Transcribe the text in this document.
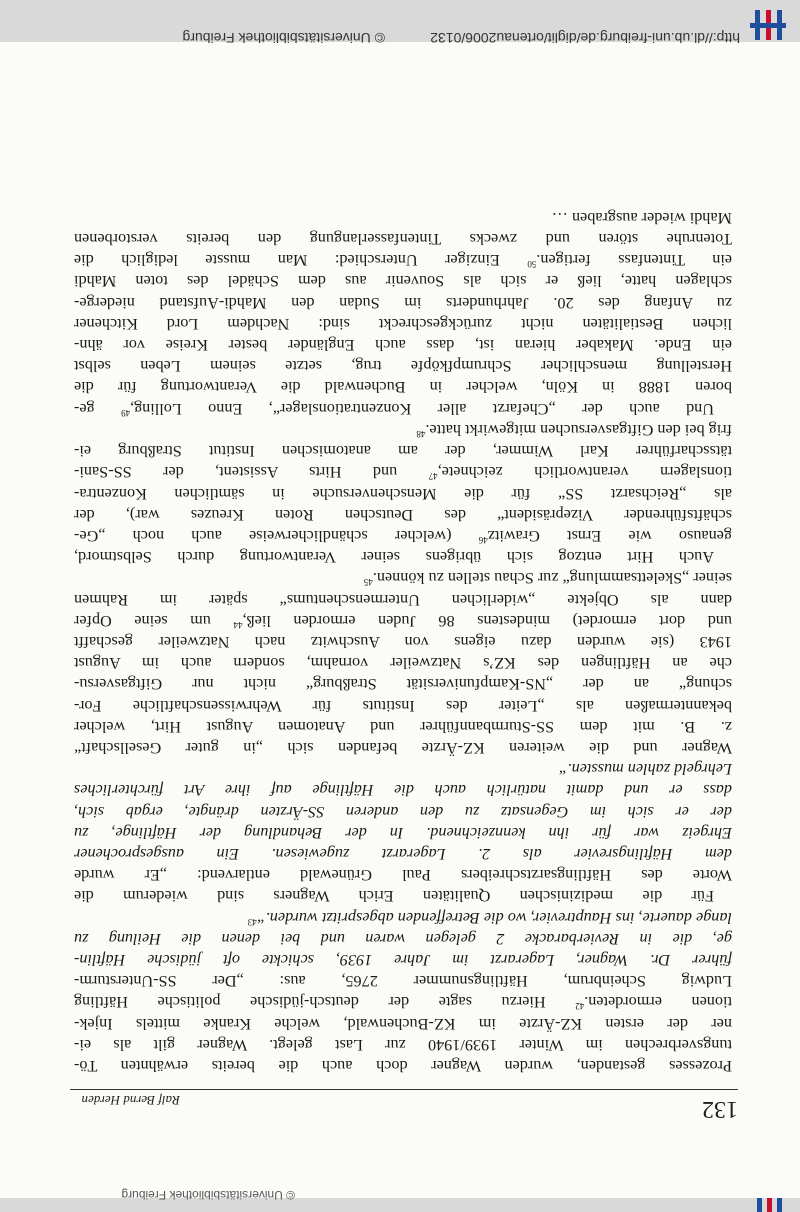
132
Ralf Bernd Herden
Prozesses gestanden, wurden Wagner doch auch die bereits erwähnten Tö-
tungsverbrechen im Winter 1939/1940 zur Last gelegt. Wagner gilt als ei-
ner der ersten KZ-Ärzte im KZ-Buchenwald, welche Kranke mittels Injek-
tionen ermordeten.$^{42}$ Hierzu sagte der deutsch-jüdische politische Häftling
Ludwig Scheinbrum, Häftlingsnummer 2765, aus: „Der SS-Untersturm-
führer Dr. Wagner, Lagerarzt im Jahre 1939, schickte oft jüdische Häftlin-
ge, die in Revierbaracke 2 gelegen waren und bei denen die Heilung zu
lange dauerte, ins Hauptrevier, wo die Betreffenden abgespritzt wurden.“$^{43}$
Für die medizinischen Qualitäten Erich Wagners sind wiederum die
Worte des Häftlingsarztschreibers Paul Grünewald entlarvend: „Er wurde
dem Häftlingsrevier als 2. Lagerarzt zugewiesen. Ein ausgesprochener
Ehrgeiz war für ihn kennzeichnend. In der Behandlung der Häftlinge, zu
der er sich im Gegensatz zu den anderen SS-Ärzten drängte, ergab sich,
dass er und damit natürlich auch die Häftlinge auf ihre Art fürchterliches
Lehrgeld zahlen mussten.“
Wagner und die weiteren KZ-Ärzte befanden sich „in guter Gesellschaft“
z. B. mit dem SS-Sturmbannführer und Anatomen August Hirt, welcher
bekanntermaßen als „Leiter des Instituts für Wehrwissenschaftliche For-
schung“ an der „NS-Kampfuniversität Straßburg“ nicht nur Giftgasversu-
che an Häftlingen des KZ’s Natzweiler vornahm, sondern auch im August
1943 (sie wurden dazu eigens von Auschwitz nach Natzweiler geschafft
und dort ermordet) mindestens 86 Juden ermorden ließ,$^{44}$ um seine Opfer
dann als Objekte „widerlichen Untermenschentums“ später im Rahmen
seiner „Skelettsammlung“ zur Schau stellen zu können.$^{45}$
Auch Hirt entzog sich übrigens seiner Verantwortung durch Selbstmord,
genauso wie Ernst Grawitz$^{46}$ (welcher schändlicherweise auch noch „Ge-
schäftsführender Vizepräsident“ des Deutschen Roten Kreuzes war), der
als „Reichsarzt SS“ für die Menschenversuche in sämtlichen Konzentra-
tionslagern verantwortlich zeichnete,$^{47}$ und Hirts Assistent, der SS-Sani-
tätsscharführer Karl Wimmer, der am anatomischen Institut Straßburg ei-
frig bei den Giftgasversuchen mitgewirkt hatte.$^{48}$
Und auch der „Chefarzt aller Konzentrationslager“, Enno Lolling,$^{49}$ ge-
boren 1888 in Köln, welcher in Buchenwald die Verantwortung für die
Herstellung menschlicher Schrumpfköpfe trug, setzte seinem Leben selbst
ein Ende. Makaber hieran ist, dass auch Engländer bester Kreise vor ähn-
lichen Bestialitäten nicht zurückgeschreckt sind: Nachdem Lord Kitchener
zu Anfang des 20. Jahrhunderts im Sudan den Mahdi-Aufstand niederge-
schlagen hatte, ließ er sich als Souvenir aus dem Schädel des toten Mahdi
ein Tintenfass fertigen.$^{50}$ Einziger Unterschied: Man musste lediglich die
Totenruhe stören und zwecks Tintenfasserlangung den bereits verstorbenen
Mahdi wieder ausgraben …
http://dl.ub.uni-freiburg.de/diglit/ortenau2006/0132
© Universitätsbibliothek Freiburg
© Universitätsbibliothek Freiburg
